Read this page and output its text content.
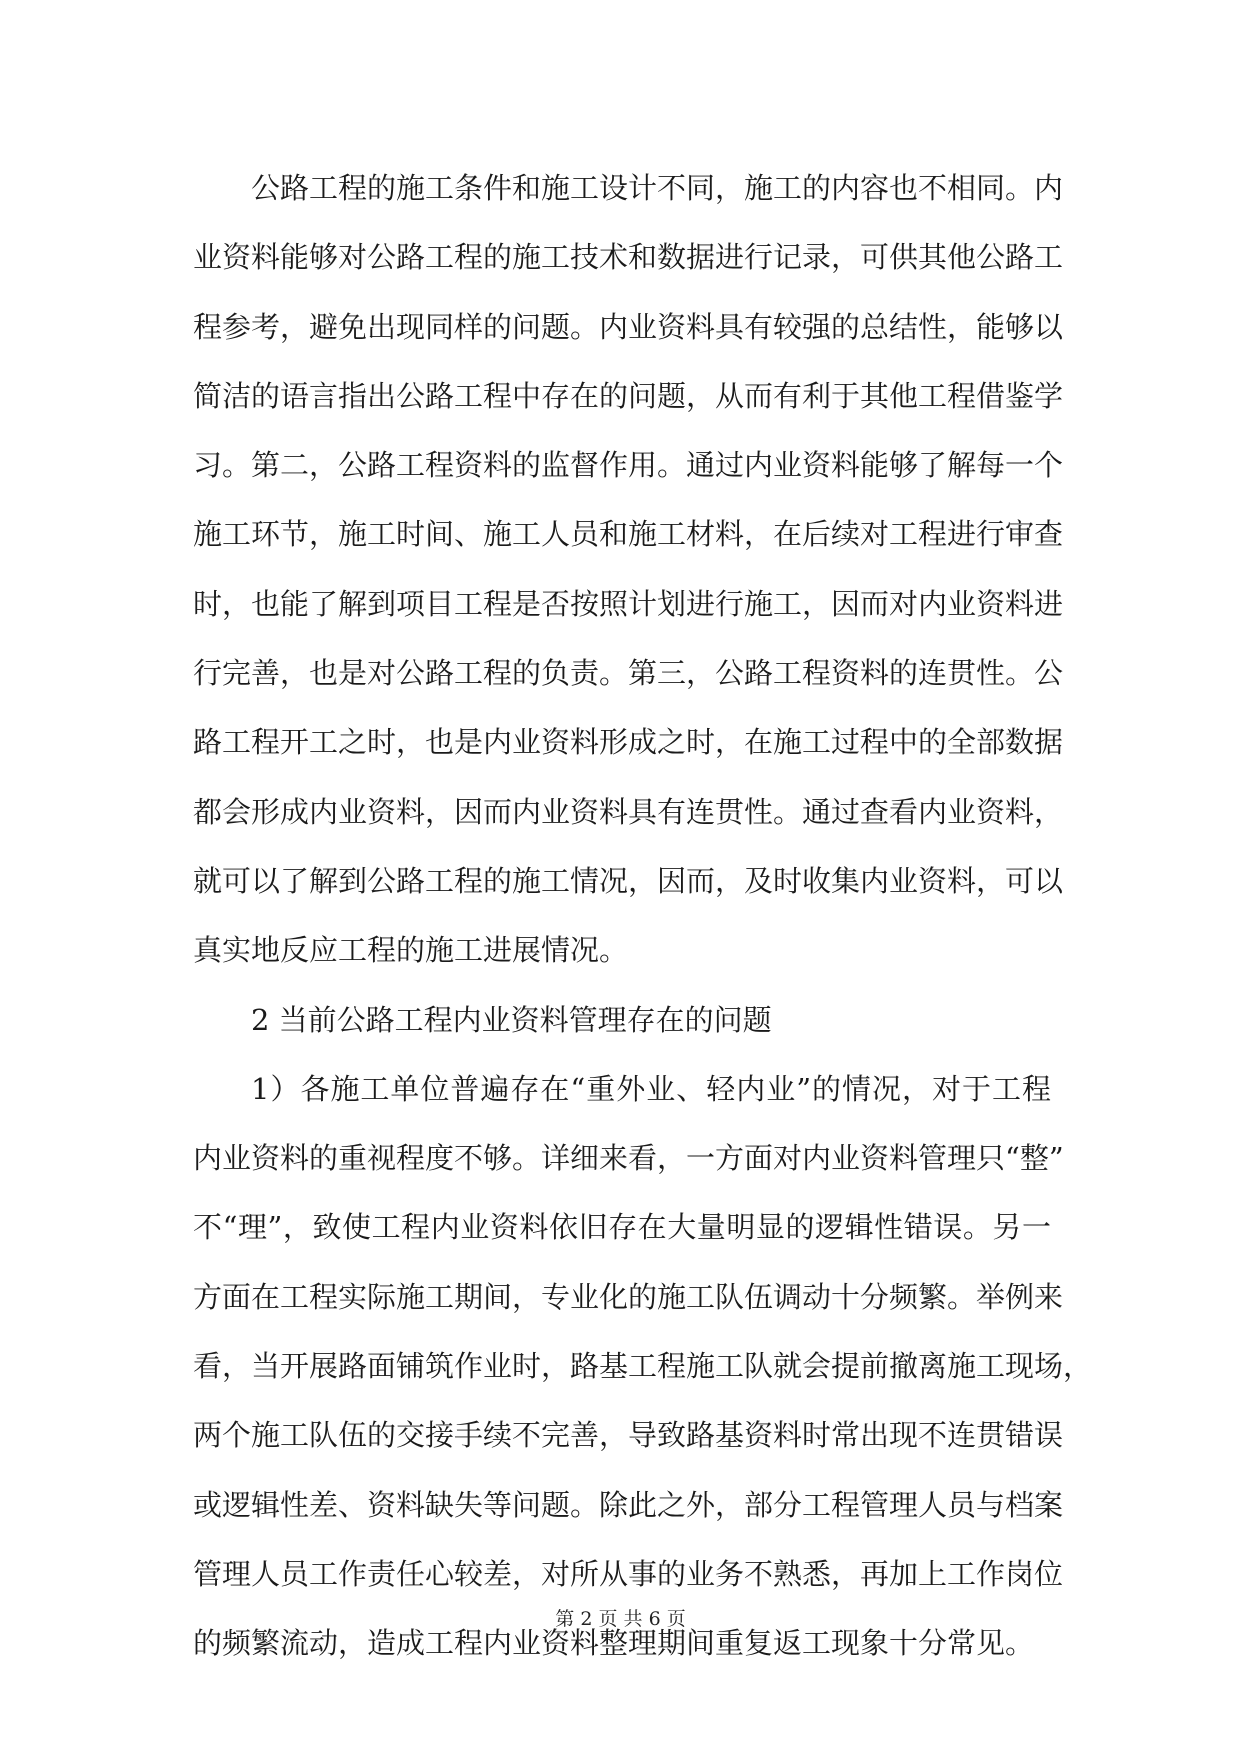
公路工程的施工条件和施工设计不同，施工的内容也不相同。内
业资料能够对公路工程的施工技术和数据进行记录，可供其他公路工
程参考，避免出现同样的问题。内业资料具有较强的总结性，能够以
简洁的语言指出公路工程中存在的问题，从而有利于其他工程借鉴学
习。第二，公路工程资料的监督作用。通过内业资料能够了解每一个
施工环节，施工时间、施工人员和施工材料，在后续对工程进行审查
时，也能了解到项目工程是否按照计划进行施工，因而对内业资料进
行完善，也是对公路工程的负责。第三，公路工程资料的连贯性。公
路工程开工之时，也是内业资料形成之时，在施工过程中的全部数据
都会形成内业资料，因而内业资料具有连贯性。通过查看内业资料，
就可以了解到公路工程的施工情况，因而，及时收集内业资料，可以
真实地反应工程的施工进展情况。
2 当前公路工程内业资料管理存在的问题
1）各施工单位普遍存在“重外业、轻内业”的情况，对于工程
内业资料的重视程度不够。详细来看，一方面对内业资料管理只“整”
不“理”，致使工程内业资料依旧存在大量明显的逻辑性错误。另一
方面在工程实际施工期间，专业化的施工队伍调动十分频繁。举例来
看，当开展路面铺筑作业时，路基工程施工队就会提前撤离施工现场，
两个施工队伍的交接手续不完善，导致路基资料时常出现不连贯错误
或逻辑性差、资料缺失等问题。除此之外，部分工程管理人员与档案
管理人员工作责任心较差，对所从事的业务不熟悉，再加上工作岗位
的频繁流动，造成工程内业资料整理期间重复返工现象十分常见。
第 2 页 共 6 页
